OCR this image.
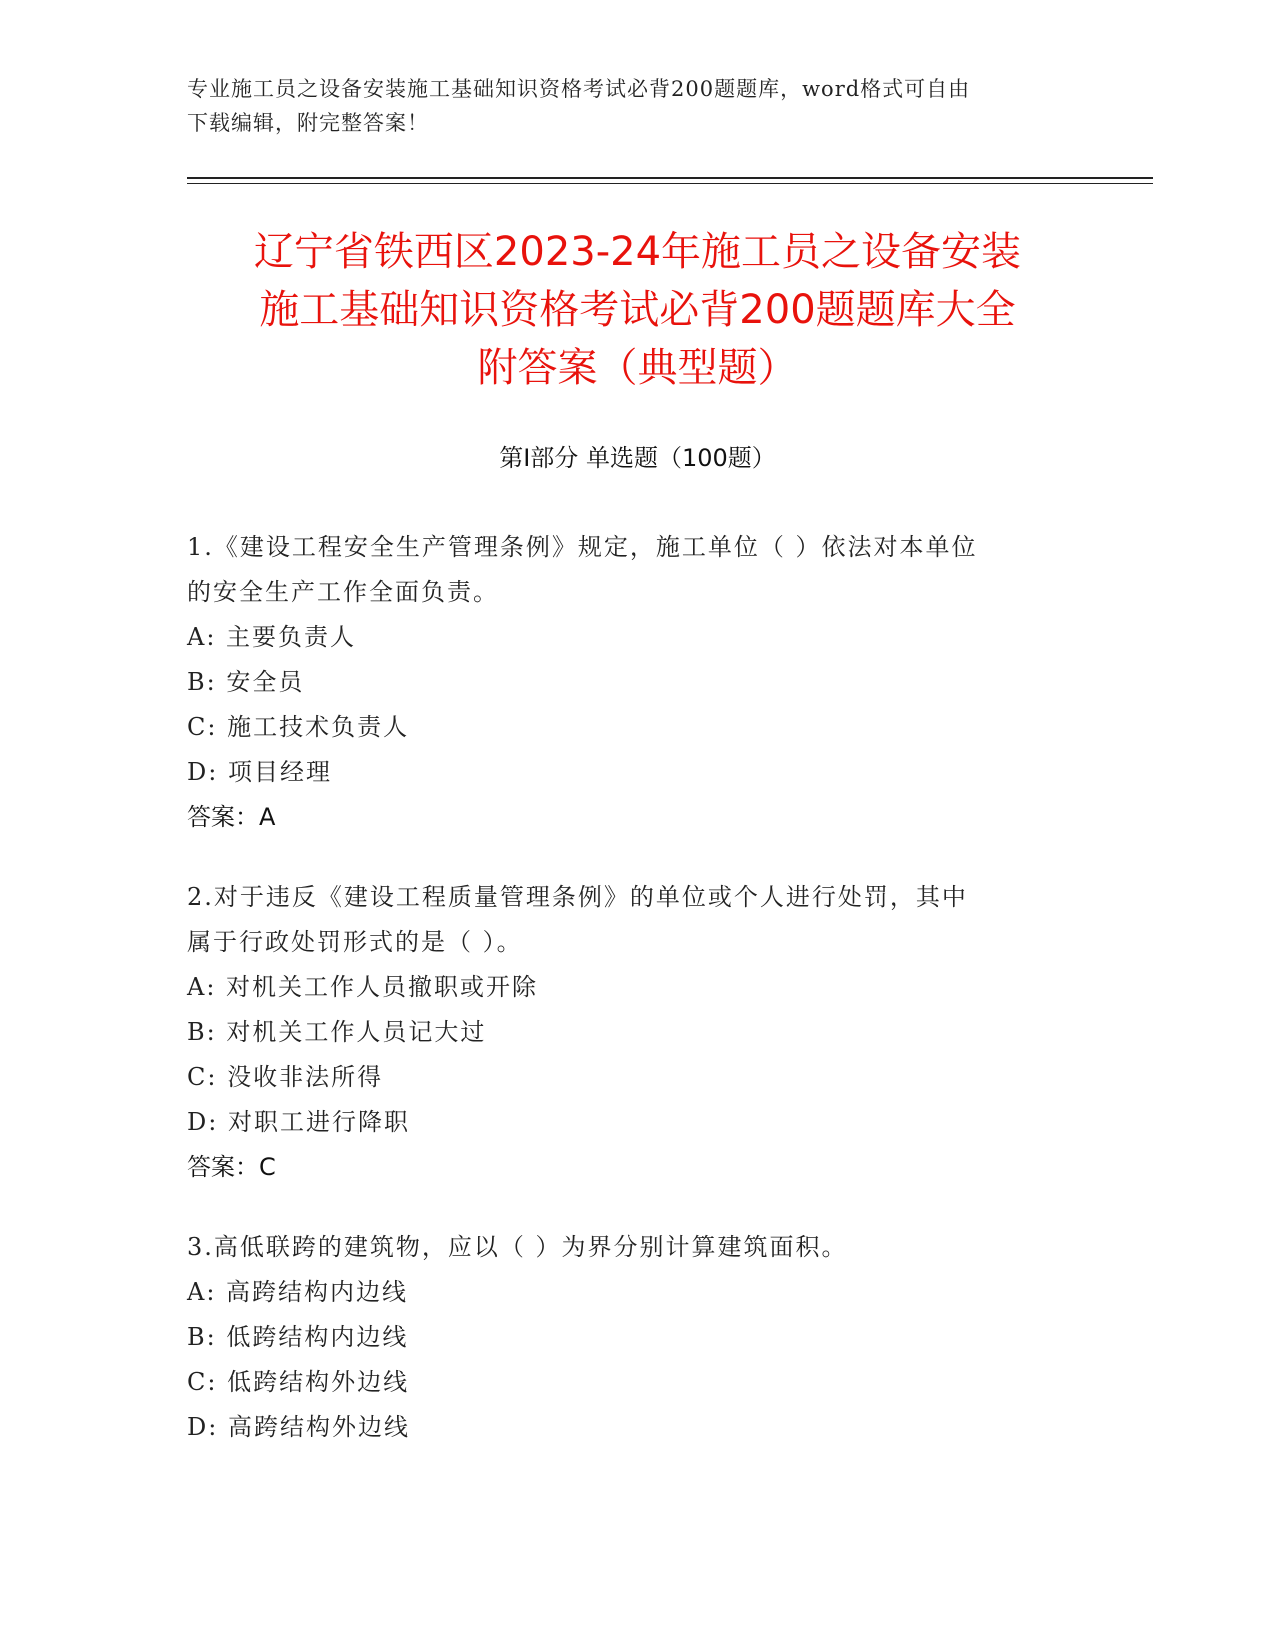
专业施工员之设备安装施工基础知识资格考试必背200题题库，word格式可自由
下载编辑，附完整答案！
辽宁省铁西区2023-24年施工员之设备安装
施工基础知识资格考试必背200题题库大全
附答案（典型题）
第Ⅰ部分 单选题（100题）
1.《建设工程安全生产管理条例》规定，施工单位（ ）依法对本单位
的安全生产工作全面负责。
A: 主要负责人
B: 安全员
C: 施工技术负责人
D: 项目经理
答案：A
2.对于违反《建设工程质量管理条例》的单位或个人进行处罚，其中
属于行政处罚形式的是（ ）。
A: 对机关工作人员撤职或开除
B: 对机关工作人员记大过
C: 没收非法所得
D: 对职工进行降职
答案：C
3.高低联跨的建筑物，应以（ ）为界分别计算建筑面积。
A: 高跨结构内边线
B: 低跨结构内边线
C: 低跨结构外边线
D: 高跨结构外边线
